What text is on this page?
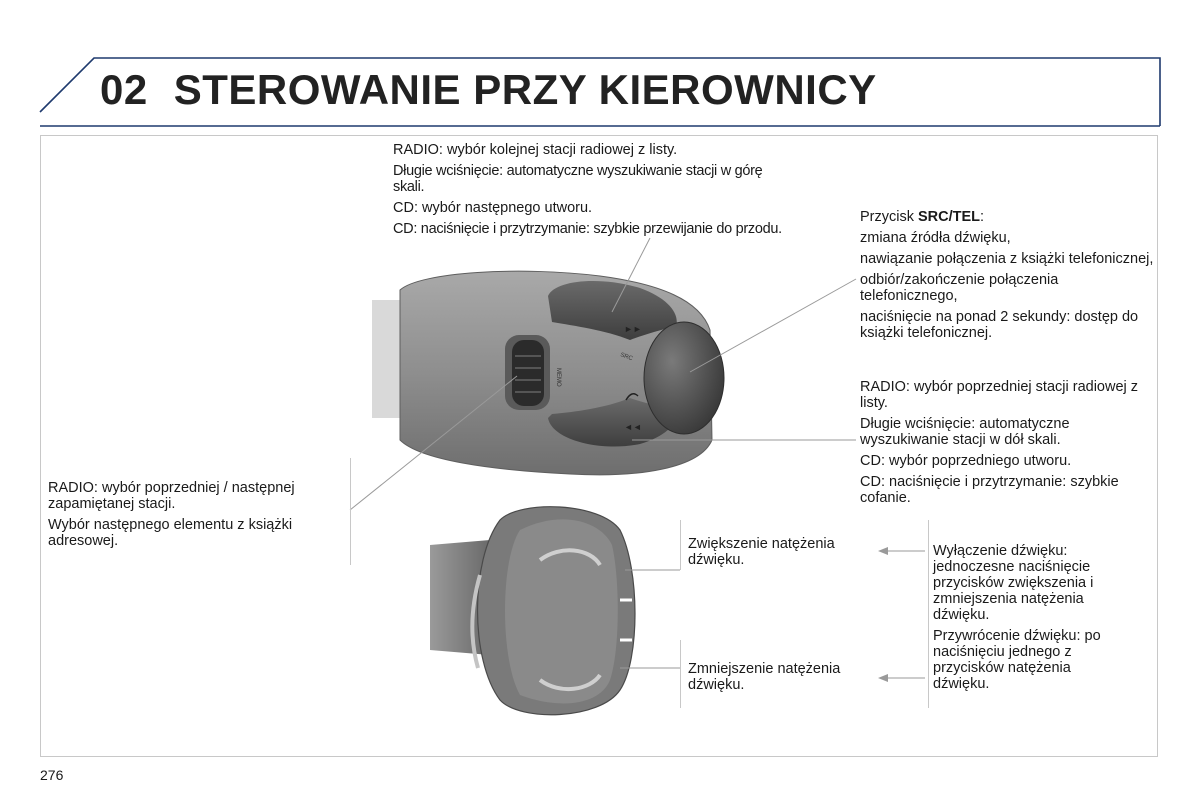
02 STEROWANIE PRZY KIEROWNICY
MEMO
SRC
►►
◄◄

RADIO: wybór kolejnej stacji radiowej z listy.

Długie wciśnięcie: automatyczne wyszukiwanie stacji w górę skali.

CD: wybór następnego utworu.

CD: naciśnięcie i przytrzymanie: szybkie przewijanie do przodu.

Przycisk SRC/TEL:

zmiana źródła dźwięku,

nawiązanie połączenia z książki telefonicznej,

odbiór/zakończenie połączenia telefonicznego,

naciśnięcie na ponad 2 sekundy: dostęp do książki telefonicznej.

RADIO: wybór poprzedniej stacji radiowej z listy.

Długie wciśnięcie: automatyczne wyszukiwanie stacji w dół skali.

CD: wybór poprzedniego utworu.

CD: naciśnięcie i przytrzymanie: szybkie cofanie.

RADIO: wybór poprzedniej / następnej zapamiętanej stacji.

Wybór następnego elementu z książki adresowej.	Zwiększenie natężenia dźwięku.

Zmniejszenie natężenia dźwięku.

Wyłączenie dźwięku: jednoczesne naciśnięcie przycisków zwiększenia i zmniejszenia natężenia dźwięku.

Przywrócenie dźwięku: po naciśnięciu jednego z przycisków natężenia dźwięku.

276
